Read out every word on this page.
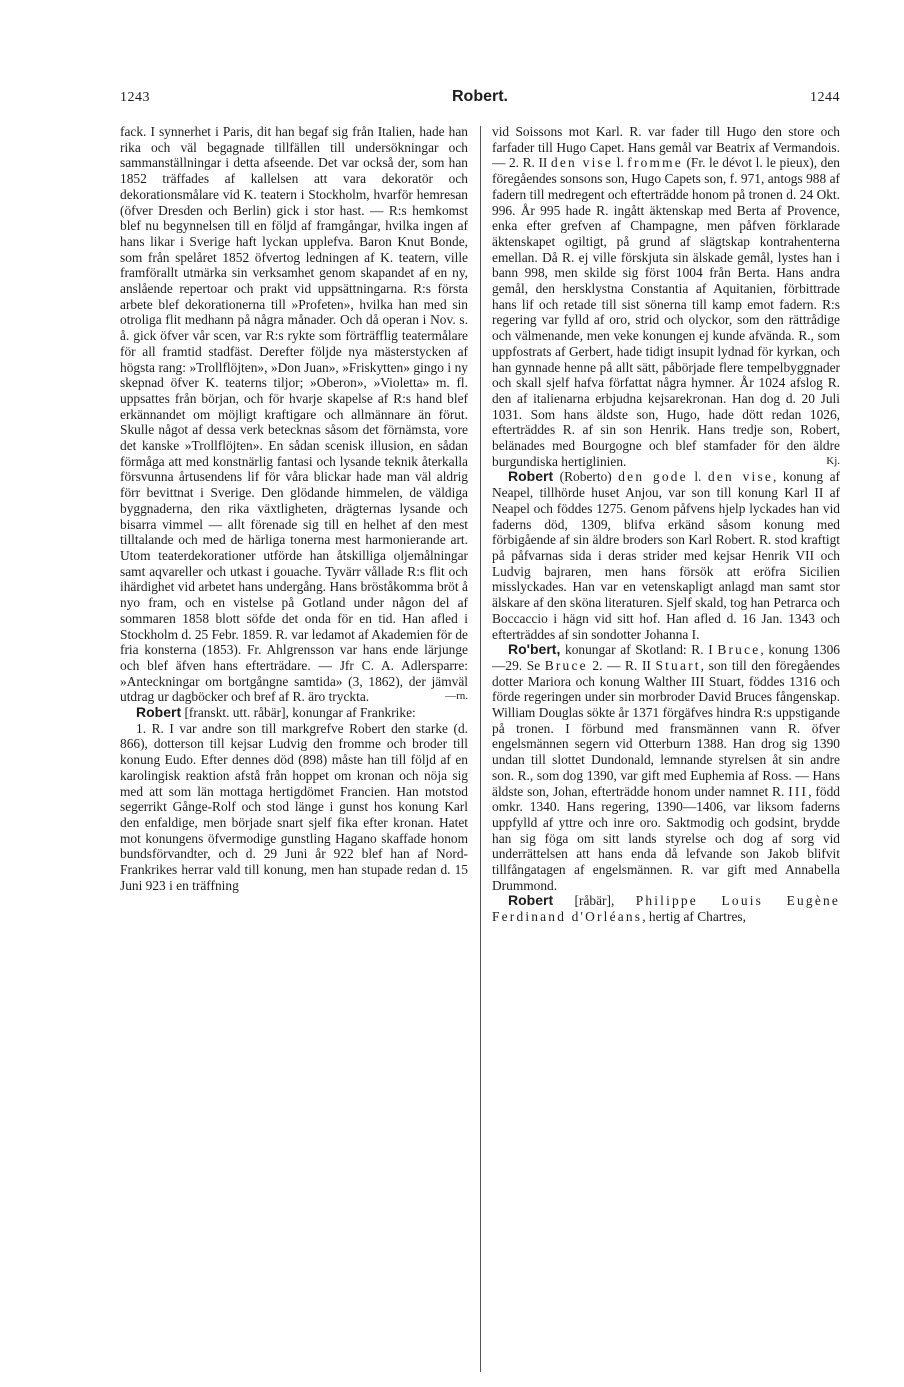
1243	Robert.	1244

fack. I synnerhet i Paris, dit han begaf sig från Italien, hade han rika och väl begagnade tillfällen till undersökningar och sammanställningar i detta afseende. Det var också der, som han 1852 träffades af kallelsen att vara dekoratör och dekorationsmålare vid K. teatern i Stockholm, hvarför hemresan (öfver Dresden och Berlin) gick i stor hast. — R:s hemkomst blef nu begynnelsen till en följd af framgångar, hvilka ingen af hans likar i Sverige haft lyckan upplefva. Baron Knut Bonde, som från spelåret 1852 öfvertog ledningen af K. teatern, ville framförallt utmärka sin verksamhet genom skapandet af en ny, anslående repertoar och prakt vid uppsättningarna. R:s första arbete blef dekorationerna till »Profeten», hvilka han med sin otroliga flit medhann på några månader. Och då operan i Nov. s. å. gick öfver vår scen, var R:s rykte som förträfflig teatermålare för all framtid stadfäst. Derefter följde nya mästerstycken af högsta rang: »Trollflöjten», »Don Juan», »Friskytten» gingo i ny skepnad öfver K. teaterns tiljor; »Oberon», »Violetta» m. fl. uppsattes från början, och för hvarje skapelse af R:s hand blef erkännandet om möjligt kraftigare och allmännare än förut. Skulle något af dessa verk betecknas såsom det förnämsta, vore det kanske »Trollflöjten». En sådan scenisk illusion, en sådan förmåga att med konstnärlig fantasi och lysande teknik återkalla försvunna årtusendens lif för våra blickar hade man väl aldrig förr bevittnat i Sverige. Den glödande himmelen, de väldiga byggnaderna, den rika växtligheten, drägternas lysande och bisarra vimmel — allt förenade sig till en helhet af den mest tilltalande och med de härliga tonerna mest harmonierande art. Utom teaterdekorationer utförde han åtskilliga oljemålningar samt aqvareller och utkast i gouache. Tyvärr vållade R:s flit och ihärdighet vid arbetet hans undergång. Hans bröståkomma bröt å nyo fram, och en vistelse på Gotland under någon del af sommaren 1858 blott söfde det onda för en tid. Han afled i Stockholm d. 25 Febr. 1859. R. var ledamot af Akademien för de fria konsterna (1853). Fr. Ahlgrensson var hans ende lärjunge och blef äfven hans efterträdare. — Jfr C. A. Adlersparre: »Anteckningar om bortgångne samtida» (3, 1862), der jämväl utdrag ur dagböcker och bref af R. äro tryckta.	—rn.

Robert [franskt. utt. råbär], konungar af Frankrike:

1. R. I var andre son till markgrefve Robert den starke (d. 866), dotterson till kejsar Ludvig den fromme och broder till konung Eudo. Efter dennes död (898) måste han till följd af en karolingisk reaktion afstå från hoppet om kronan och nöja sig med att som län mottaga hertigdömet Francien. Han motstod segerrikt Gånge-Rolf och stod länge i gunst hos konung Karl den enfaldige, men började snart sjelf fika efter kronan. Hatet mot konungens öfvermodige gunstling Hagano skaffade honom bundsförvandter, och d. 29 Juni år 922 blef han af Nord-Frankrikes herrar vald till konung, men han stupade redan d. 15 Juni 923 i en träffning

vid Soissons mot Karl. R. var fader till Hugo den store och farfader till Hugo Capet. Hans gemål var Beatrix af Vermandois. — 2. R. II den vise l. fromme (Fr. le dévot l. le pieux), den föregåendes sonsons son, Hugo Capets son, f. 971, antogs 988 af fadern till medregent och efterträdde honom på tronen d. 24 Okt. 996. År 995 hade R. ingått äktenskap med Berta af Provence, enka efter grefven af Champagne, men påfven förklarade äktenskapet ogiltigt, på grund af slägtskap kontrahenterna emellan. Då R. ej ville förskjuta sin älskade gemål, lystes han i bann 998, men skilde sig först 1004 från Berta. Hans andra gemål, den hersklystna Constantia af Aquitanien, förbittrade hans lif och retade till sist sönerna till kamp emot fadern. R:s regering var fylld af oro, strid och olyckor, som den rättrådige och välmenande, men veke konungen ej kunde afvända. R., som uppfostrats af Gerbert, hade tidigt insupit lydnad för kyrkan, och han gynnade henne på allt sätt, påbörjade flere tempelbyggnader och skall sjelf hafva författat några hymner. År 1024 afslog R. den af italienarna erbjudna kejsarekronan. Han dog d. 20 Juli 1031. Som hans äldste son, Hugo, hade dött redan 1026, efterträddes R. af sin son Henrik. Hans tredje son, Robert, belänades med Bourgogne och blef stamfader för den äldre burgundiska hertiglinien.	Kj.

Robert (Roberto) den gode l. den vise, konung af Neapel, tillhörde huset Anjou, var son till konung Karl II af Neapel och föddes 1275. Genom påfvens hjelp lyckades han vid faderns död, 1309, blifva erkänd såsom konung med förbigående af sin äldre broders son Karl Robert. R. stod kraftigt på påfvarnas sida i deras strider med kejsar Henrik VII och Ludvig bajraren, men hans försök att eröfra Sicilien misslyckades. Han var en vetenskapligt anlagd man samt stor älskare af den sköna literaturen. Sjelf skald, tog han Petrarca och Boccaccio i hägn vid sitt hof. Han afled d. 16 Jan. 1343 och efterträddes af sin sondotter Johanna I.

Ro'bert, konungar af Skotland: R. I Bruce, konung 1306—29. Se Bruce 2. — R. II Stuart, son till den föregåendes dotter Mariora och konung Walther III Stuart, föddes 1316 och förde regeringen under sin morbroder David Bruces fångenskap. William Douglas sökte år 1371 förgäfves hindra R:s uppstigande på tronen. I förbund med fransmännen vann R. öfver engelsmännen segern vid Otterburn 1388. Han drog sig 1390 undan till slottet Dundonald, lemnande styrelsen åt sin andre son. R., som dog 1390, var gift med Euphemia af Ross. — Hans äldste son, Johan, efterträdde honom under namnet R. III, född omkr. 1340. Hans regering, 1390—1406, var liksom faderns uppfylld af yttre och inre oro. Saktmodig och godsint, brydde han sig föga om sitt lands styrelse och dog af sorg vid underrättelsen att hans enda då lefvande son Jakob blifvit tillfångatagen af engelsmännen. R. var gift med Annabella Drummond.

Robert [råbär], Philippe Louis Eugène Ferdinand d'Orléans, hertig af Chartres,
